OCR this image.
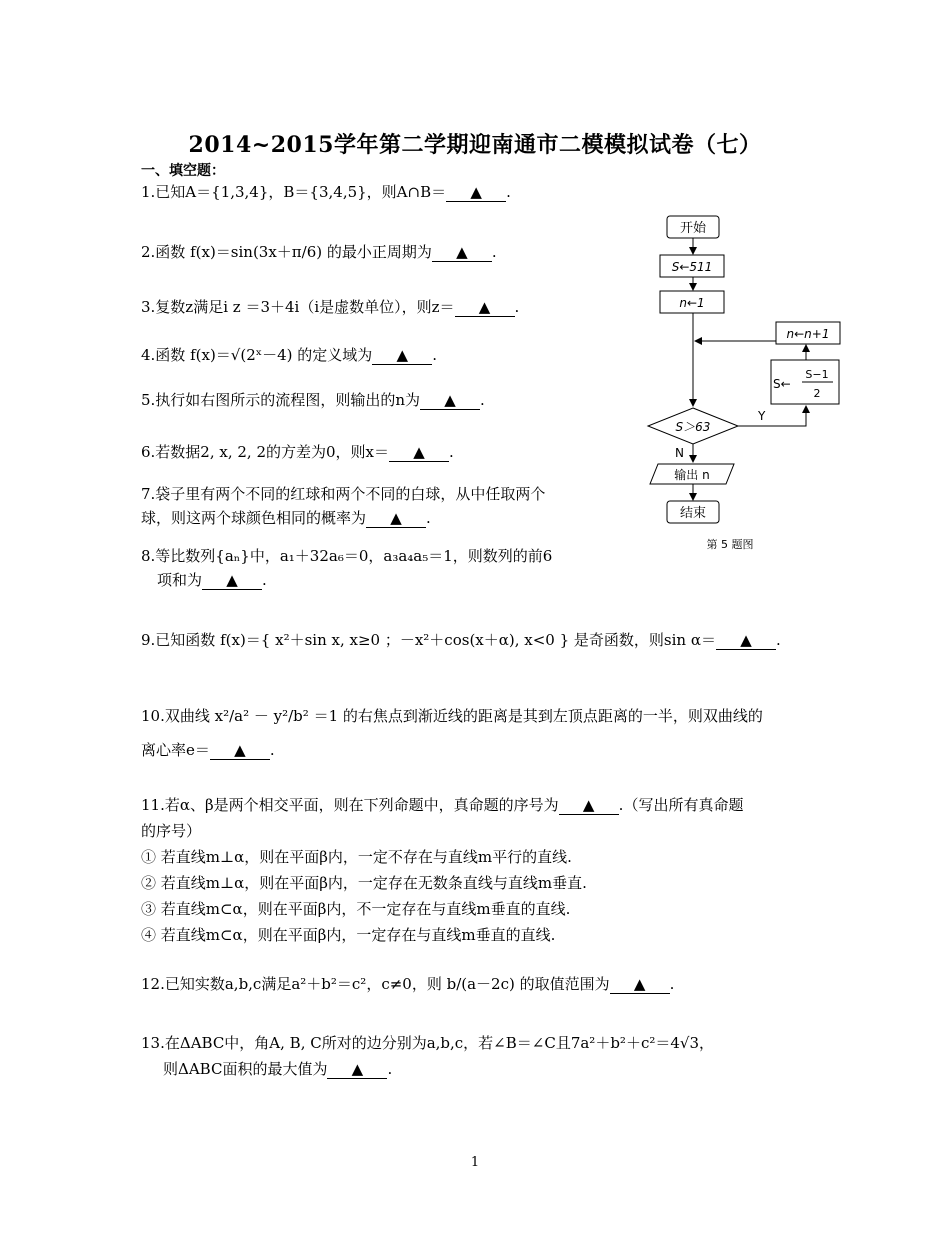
2014~2015学年第二学期迎南通市二模模拟试卷（七）
一、填空题：
1.已知A＝{1,3,4}，B＝{3,4,5}，则A∩B＝ ▲ .
2.函数 f(x)＝sin(3x＋π/6) 的最小正周期为 ▲ .
3.复数z满足i z ＝3＋4i（i是虚数单位），则z＝ ▲ .
4.函数 f(x)＝√(2ˣ－4) 的定义域为 ▲ .
5.执行如右图所示的流程图，则输出的n为 ▲ .
6.若数据2, x, 2, 2的方差为0，则x＝ ▲ .
7.袋子里有两个不同的红球和两个不同的白球，从中任取两个
球，则这两个球颜色相同的概率为 ▲ .
8.等比数列{aₙ}中，a₁＋32a₆＝0，a₃a₄a₅＝1，则数列的前6
项和为 ▲ .
9.已知函数 f(x)＝{ x²＋sin x, x≥0 ；－x²＋cos(x＋α), x<0 } 是奇函数，则sin α＝ ▲ .
10.双曲线 x²/a² － y²/b² ＝1 的右焦点到渐近线的距离是其到左顶点距离的一半，则双曲线的
离心率e＝ ▲ .
11.若α、β是两个相交平面，则在下列命题中，真命题的序号为 ▲ .（写出所有真命题
的序号）
① 若直线m⊥α，则在平面β内，一定不存在与直线m平行的直线.
② 若直线m⊥α，则在平面β内，一定存在无数条直线与直线m垂直.
③ 若直线m⊂α，则在平面β内，不一定存在与直线m垂直的直线.
④ 若直线m⊂α，则在平面β内，一定存在与直线m垂直的直线.
12.已知实数a,b,c满足a²＋b²＝c²，c≠0，则 b/(a－2c) 的取值范围为 ▲ .
13.在ΔABC中，角A, B, C所对的边分别为a,b,c，若∠B＝∠C且7a²＋b²＋c²＝4√3，
则ΔABC面积的最大值为 ▲ .
开始
S←511
n←1
S＞63
Y
S←
S−1
2
n←n+1
N
输出 n
结束
第 5 题图
1
